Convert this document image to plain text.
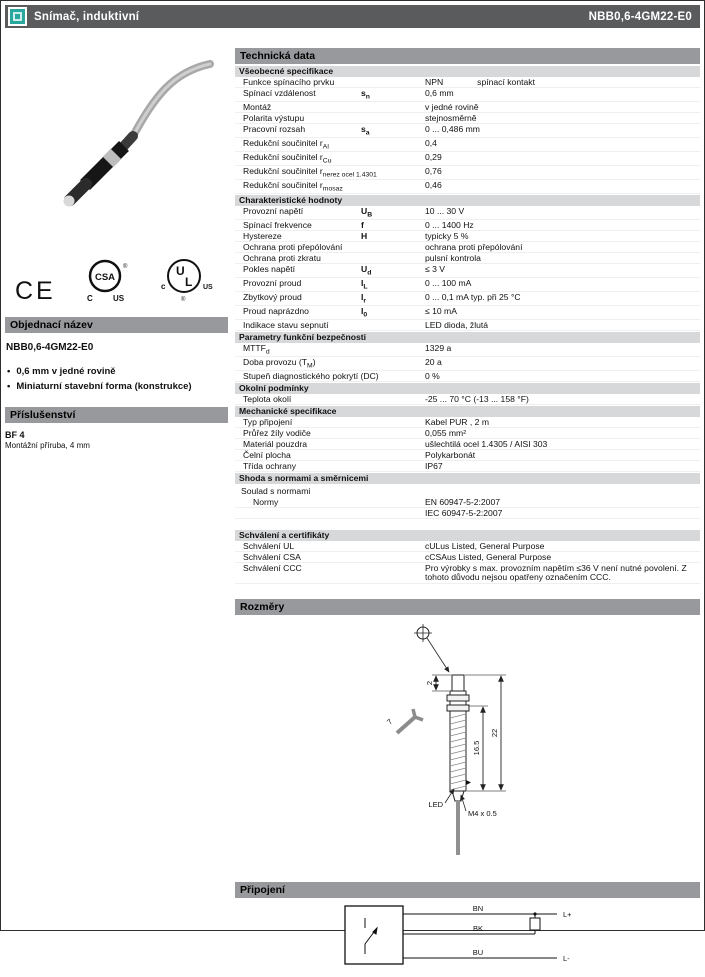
Snímač, induktivní	NBB0,6-4GM22-E0
CE	CSA
®
C	US
U
L
c	US
®
Objednací název
NBB0,6-4GM22-E0
• 0,6 mm v jedné rovině
• Miniaturní stavební forma (konstrukce)
Příslušenství
BF 4
Montážní příruba, 4 mm
Technická data
Všeobecné specifikace
Funkce spínacího prvku	NPN	spínací kontakt
Spínací vzdálenost	$s_n$	0,6 mm
Montáž	v jedné rovině
Polarita výstupu	stejnosměrně
Pracovní rozsah	$s_a$	0 ... 0,486 mm
Redukční součinitel $r_{Al}$	0,4
Redukční součinitel $r_{Cu}$	0,29
Redukční součinitel $r_{nerez ocel 1.4301}$	0,76
Redukční součinitel $r_{mosaz}$	0,46
Charakteristické hodnoty
Provozní napětí	$U_B$	10 ... 30 V
Spínací frekvence	f	0 ... 1400 Hz
Hystereze	H	typicky 5 %
Ochrana proti přepólování	ochrana proti přepólování
Ochrana proti zkratu	pulsní kontrola
Pokles napětí	$U_d$	≤ 3 V
Provozní proud	$I_L$	0 ... 100 mA
Zbytkový proud	$I_r$	0 ... 0,1 mA typ. při 25 °C
Proud naprázdno	$I_0$	≤ 10 mA
Indikace stavu sepnutí	LED dioda, žlutá
Parametry funkční bezpečnosti
$MTTF_d$	1329 a
Doba provozu $(T_M)$	20 a
Stupeň diagnostického pokrytí (DC)	0 %
Okolní podmínky
Teplota okolí	-25 ... 70 °C (-13 ... 158 °F)
Mechanické specifikace
Typ připojení	Kabel PUR , 2 m
Průřez žíly vodiče	0,055 mm²
Materiál pouzdra	ušlechtilá ocel 1.4305 / AISI 303
Čelní plocha	Polykarbonát
Třída ochrany	IP67
Shoda s normami a směrnicemi
Soulad s normami
Normy	EN 60947-5-2:2007
IEC 60947-5-2:2007
Schválení a certifikáty
Schválení UL	cULus Listed, General Purpose
Schválení CSA	cCSAus Listed, General Purpose
Schválení CCC	Pro výrobky s max. provozním napětím ≤36 V není nutné povolení. Z tohoto důvodu nejsou opatřeny označením CCC.
Rozměry
16.5
22
2
7
LED
M4 x 0.5
Připojení
BN
BK
BU
L+
L-
